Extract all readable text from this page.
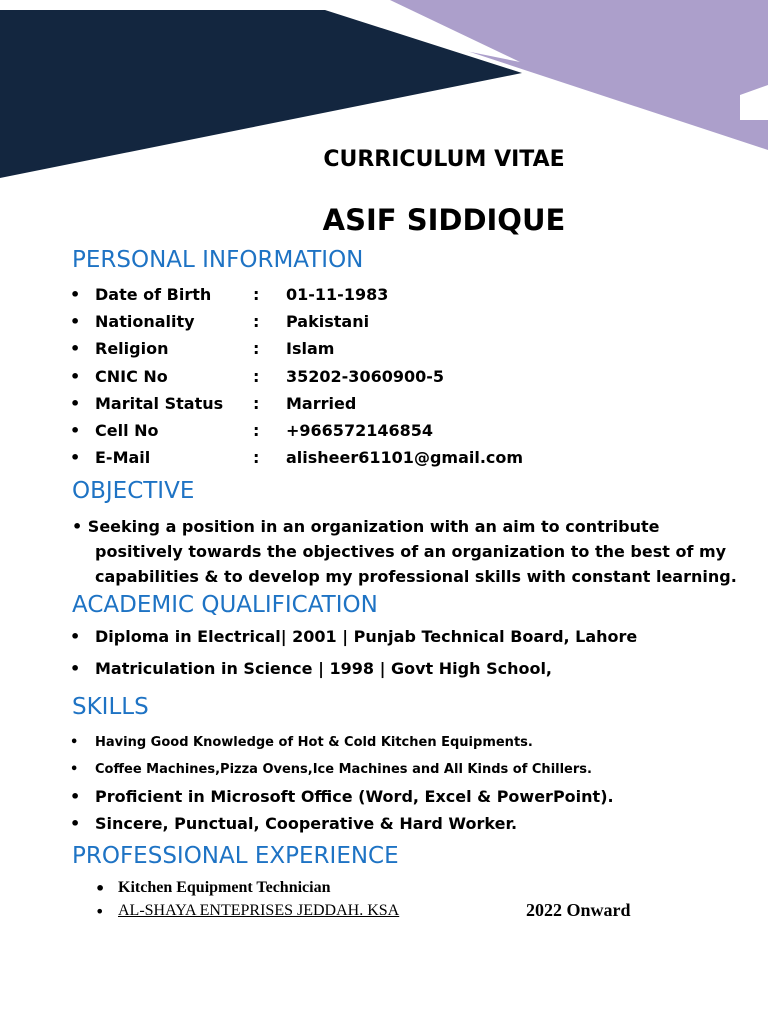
CURRICULUM VITAE
ASIF SIDDIQUE
PERSONAL INFORMATION
• Date of Birth	: 01-11-1983
• Nationality	: Pakistani
• Religion	: Islam
• CNIC No	: 35202-3060900-5
• Marital Status : Married
• Cell No	: +966572146854
• E-Mail	: alisheer61101@gmail.com
OBJECTIVE
• Seeking a position in an organization with an aim to contribute
positively towards the objectives of an organization to the best of my
capabilities & to develop my professional skills with constant learning.
ACADEMIC QUALIFICATION
• Diploma in Electrical| 2001 | Punjab Technical Board, Lahore
• Matriculation in Science | 1998 | Govt High School,
SKILLS
• Having Good Knowledge of Hot & Cold Kitchen Equipments.
• Coffee Machines,Pizza Ovens,Ice Machines and All Kinds of Chillers.
• Proficient in Microsoft Office (Word, Excel & PowerPoint).
• Sincere, Punctual, Cooperative & Hard Worker.
PROFESSIONAL EXPERIENCE
• Kitchen Equipment Technician
• AL-SHAYA ENTEPRISES JEDDAH. KSA	2022 Onward
